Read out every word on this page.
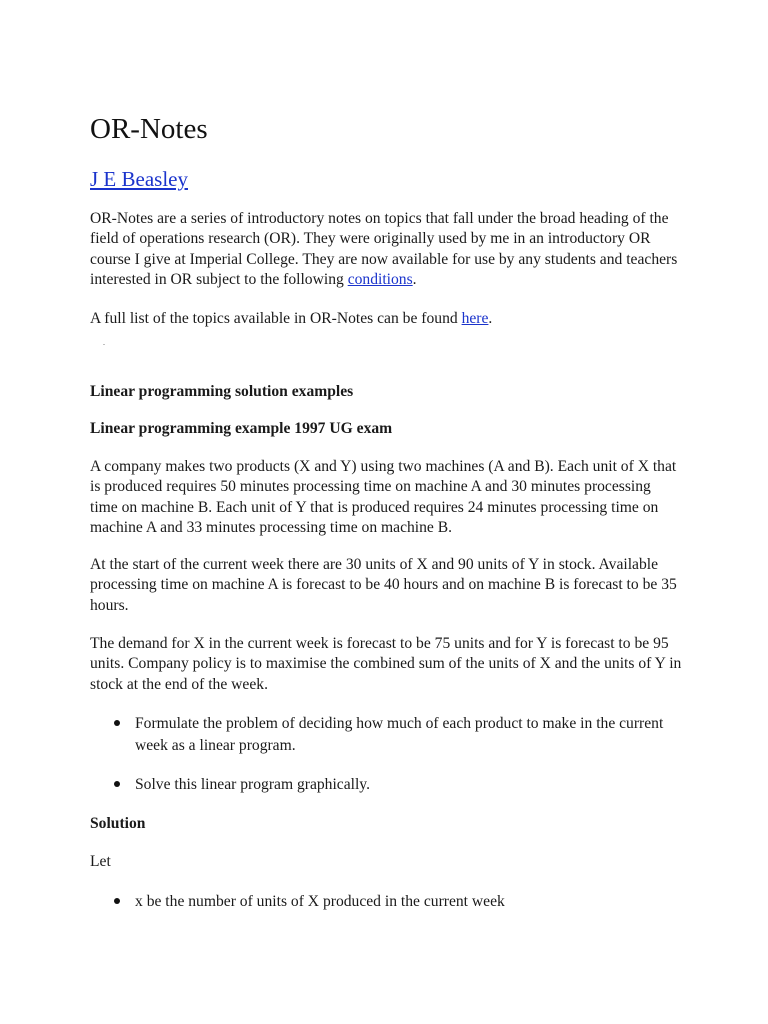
OR-Notes

J E Beasley

OR-Notes are a series of introductory notes on topics that fall under the broad heading of the field of operations research (OR). They were originally used by me in an introductory OR course I give at Imperial College. They are now available for use by any students and teachers interested in OR subject to the following conditions.

A full list of the topics available in OR-Notes can be found here.

Linear programming solution examples

Linear programming example 1997 UG exam

A company makes two products (X and Y) using two machines (A and B). Each unit of X that is produced requires 50 minutes processing time on machine A and 30 minutes processing time on machine B. Each unit of Y that is produced requires 24 minutes processing time on machine A and 33 minutes processing time on machine B.

At the start of the current week there are 30 units of X and 90 units of Y in stock. Available processing time on machine A is forecast to be 40 hours and on machine B is forecast to be 35 hours.

The demand for X in the current week is forecast to be 75 units and for Y is forecast to be 95 units. Company policy is to maximise the combined sum of the units of X and the units of Y in stock at the end of the week.

Formulate the problem of deciding how much of each product to make in the current week as a linear program.

Solve this linear program graphically.

Solution

Let

x be the number of units of X produced in the current week
